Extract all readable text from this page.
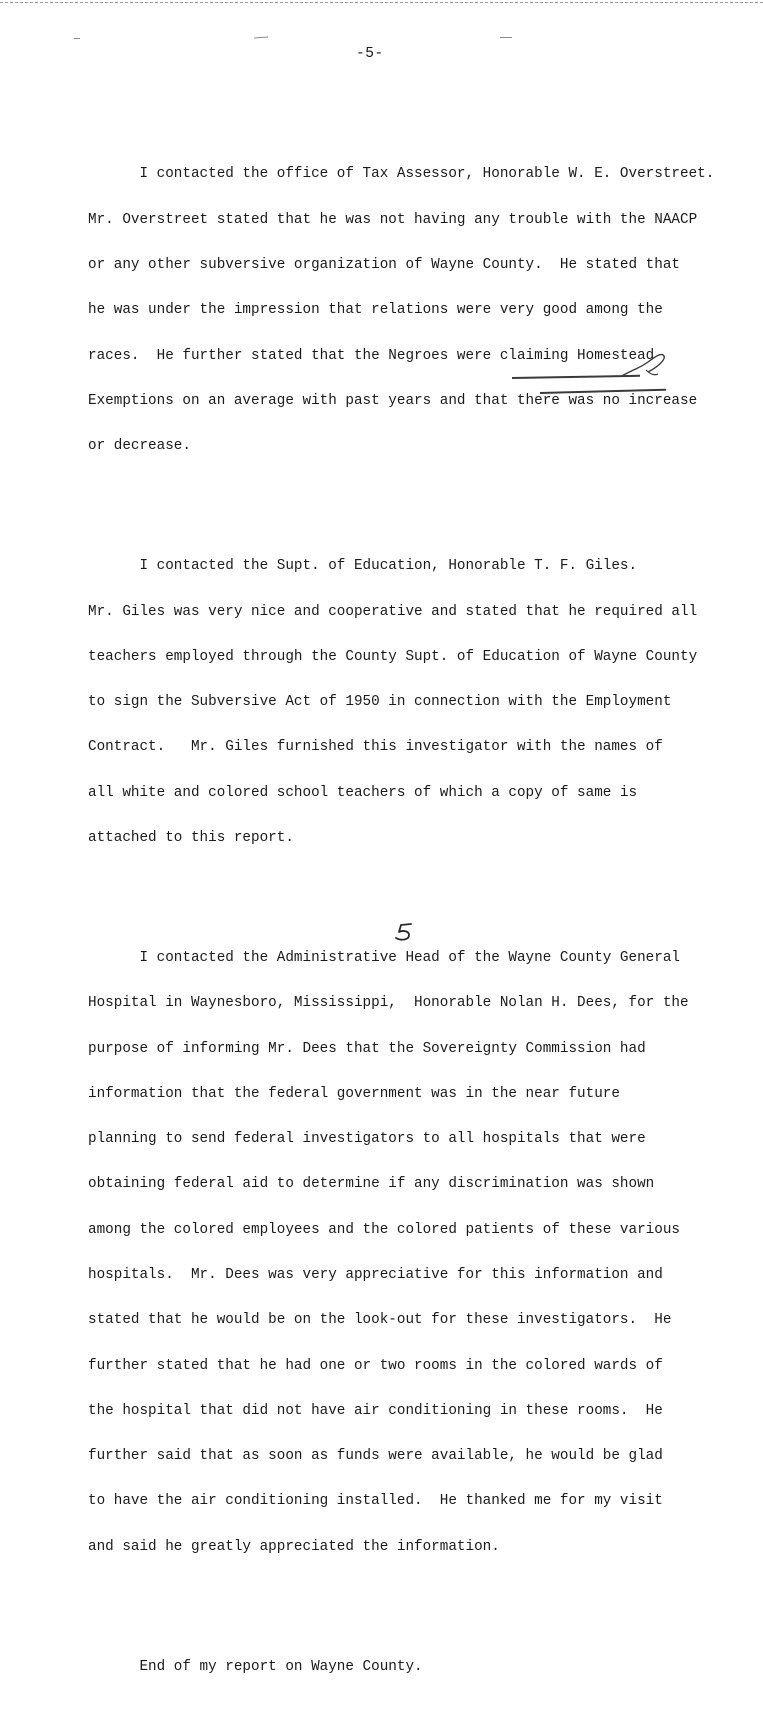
-5-

I contacted the office of Tax Assessor, Honorable W. E. Overstreet.

Mr. Overstreet stated that he was not having any trouble with the NAACP

or any other subversive organization of Wayne County.  He stated that

he was under the impression that relations were very good among the

races.  He further stated that the Negroes were claiming Homestead

Exemptions on an average with past years and that there was no increase

or decrease.

I contacted the Supt. of Education, Honorable T. F. Giles.

Mr. Giles was very nice and cooperative and stated that he required all

teachers employed through the County Supt. of Education of Wayne County

to sign the Subversive Act of 1950 in connection with the Employment

Contract.   Mr. Giles furnished this investigator with the names of

all white and colored school teachers of which a copy of same is

attached to this report.

I contacted the Administrative Head of the Wayne County General

Hospital in Waynesboro, Mississippi,  Honorable Nolan H. Dees, for the

purpose of informing Mr. Dees that the Sovereignty Commission had

information that the federal government was in the near future

planning to send federal investigators to all hospitals that were

obtaining federal aid to determine if any discrimination was shown

among the colored employees and the colored patients of these various

hospitals.  Mr. Dees was very appreciative for this information and

stated that he would be on the look-out for these investigators.  He

further stated that he had one or two rooms in the colored wards of

the hospital that did not have air conditioning in these rooms.  He

further said that as soon as funds were available, he would be glad

to have the air conditioning installed.  He thanked me for my visit

and said he greatly appreciated the information.

End of my report on Wayne County.
